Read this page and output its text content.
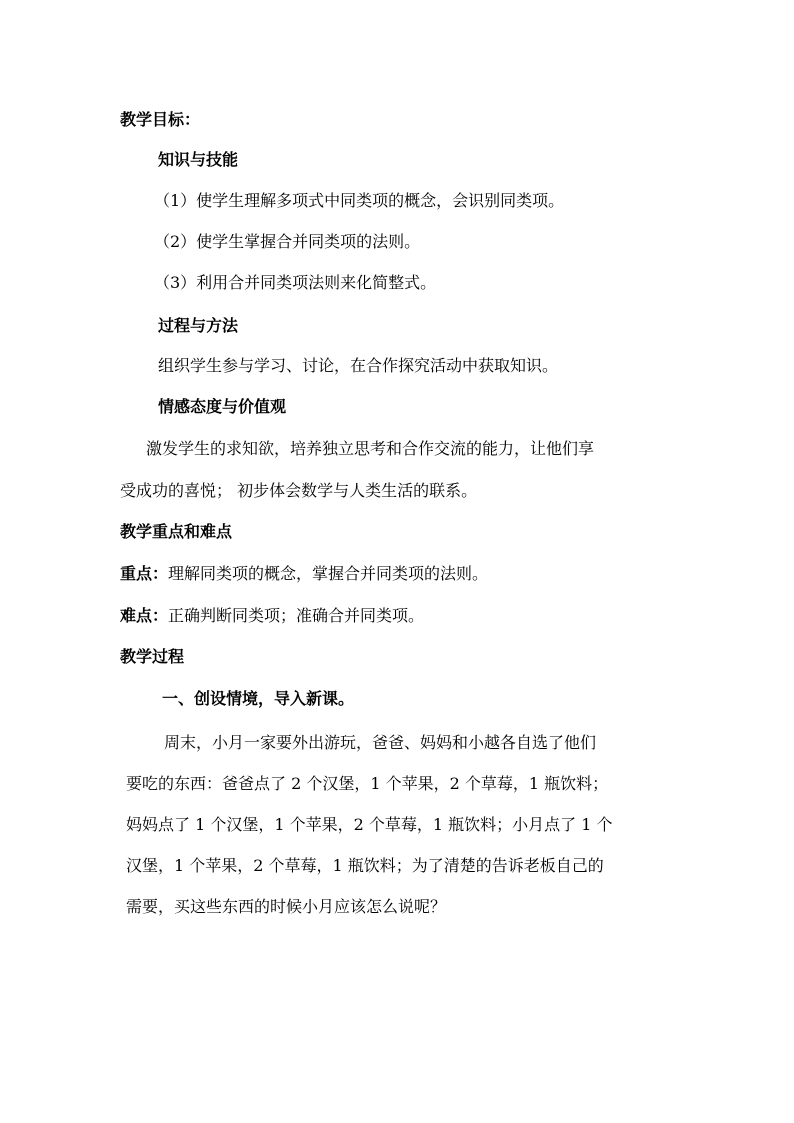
教学目标：
知识与技能
（1）使学生理解多项式中同类项的概念，会识别同类项。
（2）使学生掌握合并同类项的法则。
（3）利用合并同类项法则来化简整式。
过程与方法
组织学生参与学习、讨论，在合作探究活动中获取知识。
情感态度与价值观
激发学生的求知欲，培养独立思考和合作交流的能力，让他们享
受成功的喜悦； 初步体会数学与人类生活的联系。
教学重点和难点
重点：理解同类项的概念，掌握合并同类项的法则。
难点：正确判断同类项；准确合并同类项。
教学过程
一、创设情境，导入新课。
周末，小月一家要外出游玩，爸爸、妈妈和小越各自选了他们
要吃的东西：爸爸点了 2 个汉堡，1 个苹果，2 个草莓，1 瓶饮料；
妈妈点了 1 个汉堡，1 个苹果，2 个草莓，1 瓶饮料；小月点了 1 个
汉堡，1 个苹果，2 个草莓，1 瓶饮料；为了清楚的告诉老板自己的
需要，买这些东西的时候小月应该怎么说呢？
